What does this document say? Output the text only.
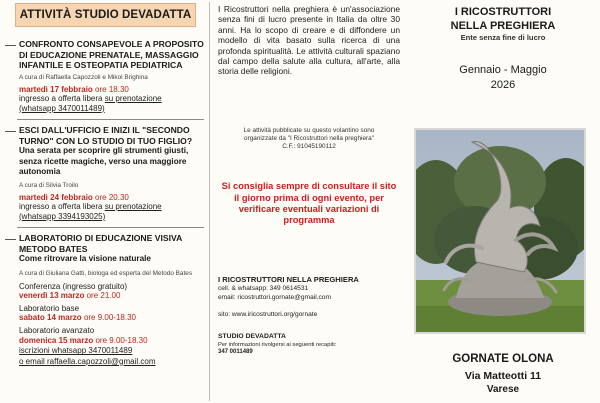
ATTIVITÀ STUDIO DEVADATTA
CONFRONTO CONSAPEVOLE A PROPOSITO DI EDUCAZIONE PRENATALE, MASSAGGIO INFANTILE E OSTEOPATIA PEDIATRICA
A cura di Raffaella Capozzoli e Mikol Brighina
martedì 17 febbraio ore 18.30
ingresso a offerta libera su prenotazione
(whatsapp 3470011489)
ESCI DALL'UFFICIO E INIZI IL "SECONDO TURNO" CON LO STUDIO DI TUO FIGLIO?
Una serata per scoprire gli strumenti giusti, senza ricette magiche, verso una maggiore autonomia
A cura di Silvia Troilo
martedì 24 febbraio ore 20.30
ingresso a offerta libera su prenotazione
(whatsapp 3394193025)
LABORATORIO DI EDUCAZIONE VISIVA METODO BATES
Come ritrovare la visione naturale
A cura di Giuliana Gatti, biologa ed esperta del Metodo Bates
Conferenza (ingresso gratuito)
venerdì 13 marzo ore 21.00
Laboratorio base
sabato 14 marzo ore 9.00-18.30
Laboratorio avanzato
domenica 15 marzo ore 9.00-18.30
iscrizioni whatsapp 3470011489
o email raffaella.capozzoli@gmail.com
I Ricostruttori nella preghiera è un'associazione senza fini di lucro presente in Italia da oltre 30 anni. Ha lo scopo di creare e di diffondere un modello di vita basato sulla ricerca di una profonda spiritualità. Le attività culturali spaziano dal campo della salute alla cultura, all'arte, alla storia delle religioni.
Le attività pubblicate su questo volantino sono
organizzate da "I Ricostruttori nella preghiera"
C.F.: 91045190112
Si consiglia sempre di consultare il sito il giorno prima di ogni evento, per verificare eventuali variazioni di programma
I RICOSTRUTTORI NELLA PREGHIERA
cell. & whatsapp: 349 0614531
email: ricostruttori.gornate@gmail.com
sito: www.iricostruttori.org/gornate
STUDIO DEVADATTA
Per informazioni rivolgersi ai seguenti recapiti:
347 0011489
I RICOSTRUTTORI
NELLA PREGHIERA
Ente senza fine di lucro
Gennaio - Maggio
2026
GORNATE OLONA
Via Matteotti 11
Varese
